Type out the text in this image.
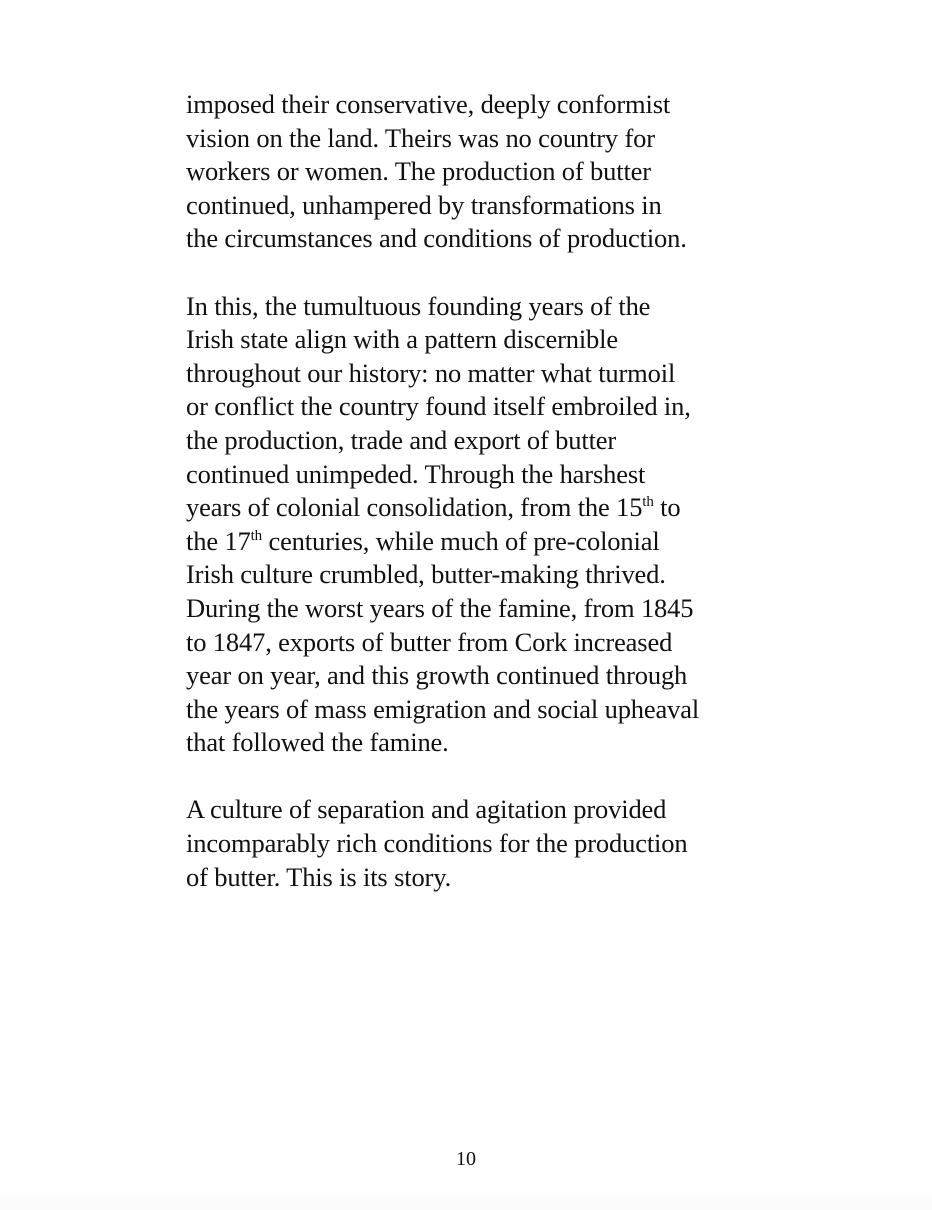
imposed their conservative, deeply conformist
vision on the land. Theirs was no country for
workers or women. The production of butter
continued, unhampered by transformations in
the circumstances and conditions of production.

In this, the tumultuous founding years of the
Irish state align with a pattern discernible
throughout our history: no matter what turmoil
or conflict the country found itself embroiled in,
the production, trade and export of butter
continued unimpeded. Through the harshest
years of colonial consolidation, from the 15th to
the 17th centuries, while much of pre-colonial
Irish culture crumbled, butter-making thrived.
During the worst years of the famine, from 1845
to 1847, exports of butter from Cork increased
year on year, and this growth continued through
the years of mass emigration and social upheaval
that followed the famine.

A culture of separation and agitation provided
incomparably rich conditions for the production
of butter. This is its story.

10
